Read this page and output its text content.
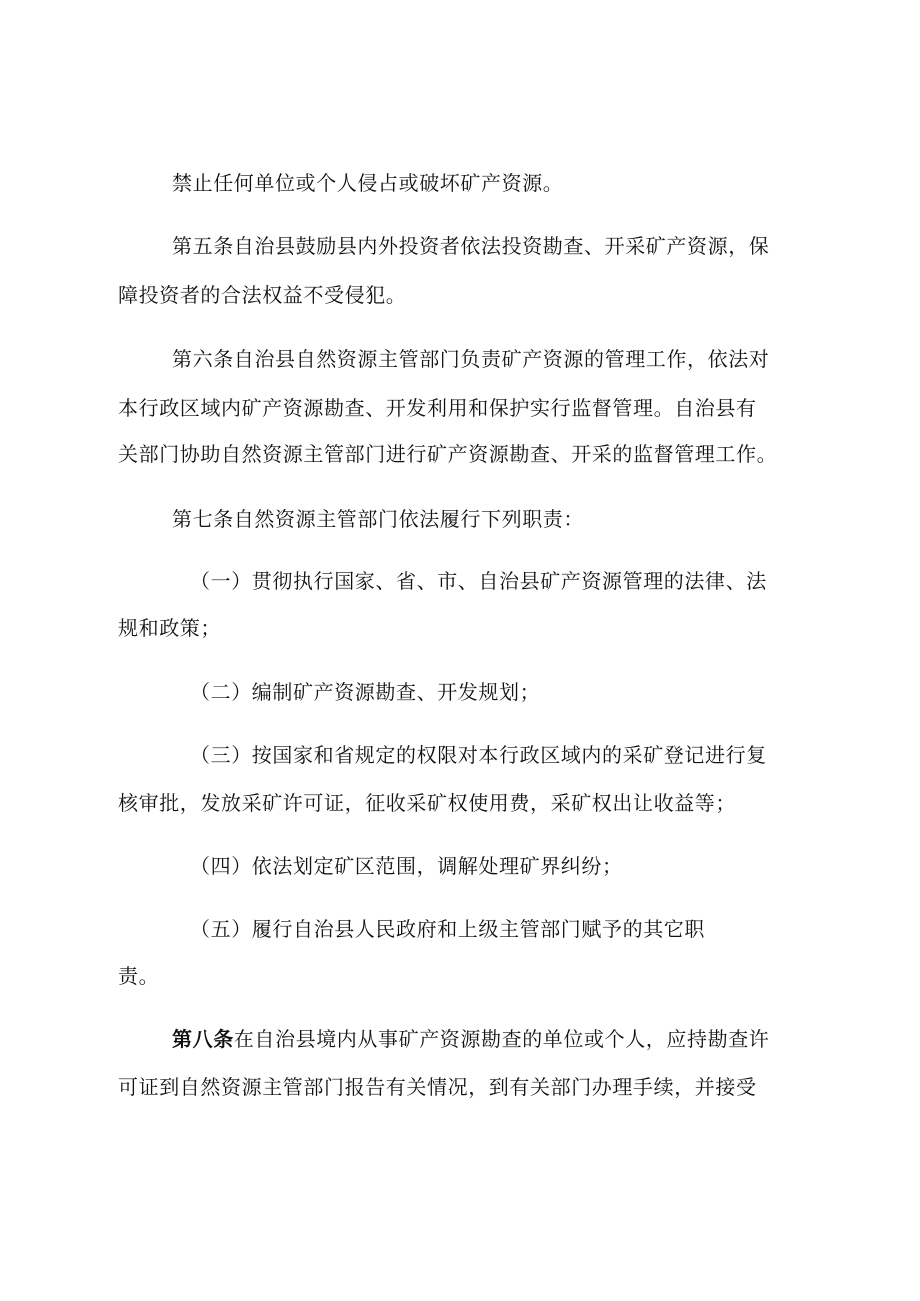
禁止任何单位或个人侵占或破坏矿产资源。
第五条自治县鼓励县内外投资者依法投资勘查、开采矿产资源，保
障投资者的合法权益不受侵犯。
第六条自治县自然资源主管部门负责矿产资源的管理工作，依法对
本行政区域内矿产资源勘查、开发利用和保护实行监督管理。自治县有
关部门协助自然资源主管部门进行矿产资源勘查、开采的监督管理工作。
第七条自然资源主管部门依法履行下列职责：
（一）贯彻执行国家、省、市、自治县矿产资源管理的法律、法
规和政策；
（二）编制矿产资源勘查、开发规划；
（三）按国家和省规定的权限对本行政区域内的采矿登记进行复
核审批，发放采矿许可证，征收采矿权使用费，采矿权出让收益等；
（四）依法划定矿区范围，调解处理矿界纠纷；
（五）履行自治县人民政府和上级主管部门赋予的其它职
责。
第八条在自治县境内从事矿产资源勘查的单位或个人，应持勘查许
可证到自然资源主管部门报告有关情况，到有关部门办理手续，并接受
